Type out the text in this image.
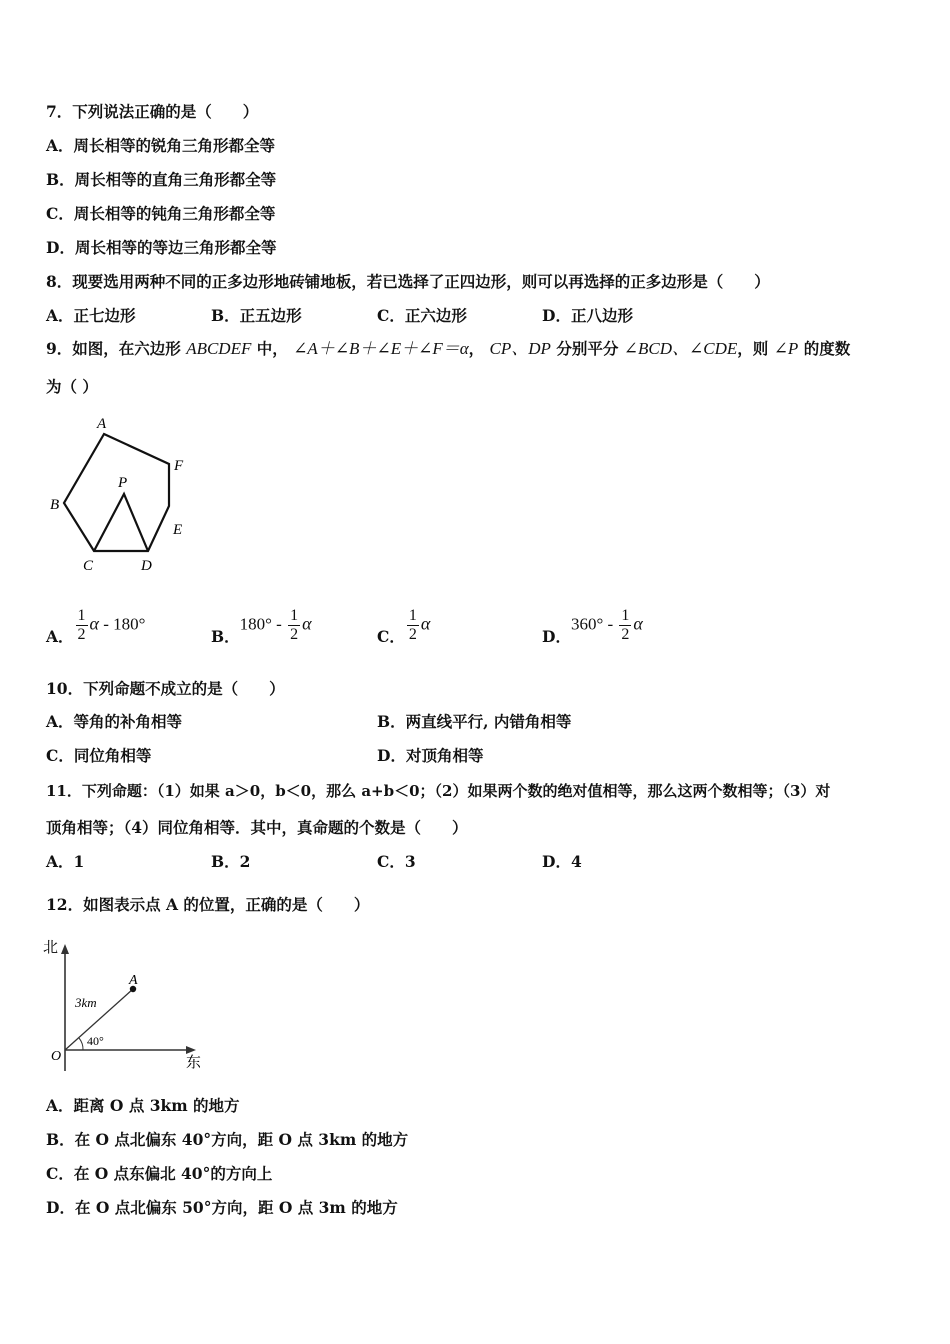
7．下列说法正确的是（　　）
A．周长相等的锐角三角形都全等
B．周长相等的直角三角形都全等
C．周长相等的钝角三角形都全等
D．周长相等的等边三角形都全等
8．现要选用两种不同的正多边形地砖铺地板，若已选择了正四边形，则可以再选择的正多边形是（　　）
A．正七边形	B．正五边形	C．正六边形	D．正八边形
9．如图，在六边形 ABCDEF 中， ∠A＋∠B＋∠E＋∠F＝α， CP、DP 分别平分 ∠BCD、∠CDE，则 ∠P 的度数
为（ ）
A
F
P
B
E
C	D
A． $\frac{1}{2}$ α - 180°
B．$180^\circ - \frac{1}{2}$ α
C． $\frac{1}{2}$ α
D．$360^\circ - \frac{1}{2}$ α
10．下列命题不成立的是（　　）
A．等角的补角相等	B．两直线平行, 内错角相等
C．同位角相等	D．对顶角相等
11．下列命题：（1）如果 a＞0，b＜0，那么 a+b＜0；（2）如果两个数的绝对值相等，那么这两个数相等；（3）对
顶角相等；（4）同位角相等．其中，真命题的个数是（　　）
A．1	B．2	C．3	D．4
12．如图表示点 A 的位置，正确的是（　　）
北
东
O
A
3km
40°
A．距离 O 点 3km 的地方
B．在 O 点北偏东 40°方向，距 O 点 3km 的地方
C．在 O 点东偏北 40°的方向上
D．在 O 点北偏东 50°方向，距 O 点 3m 的地方
